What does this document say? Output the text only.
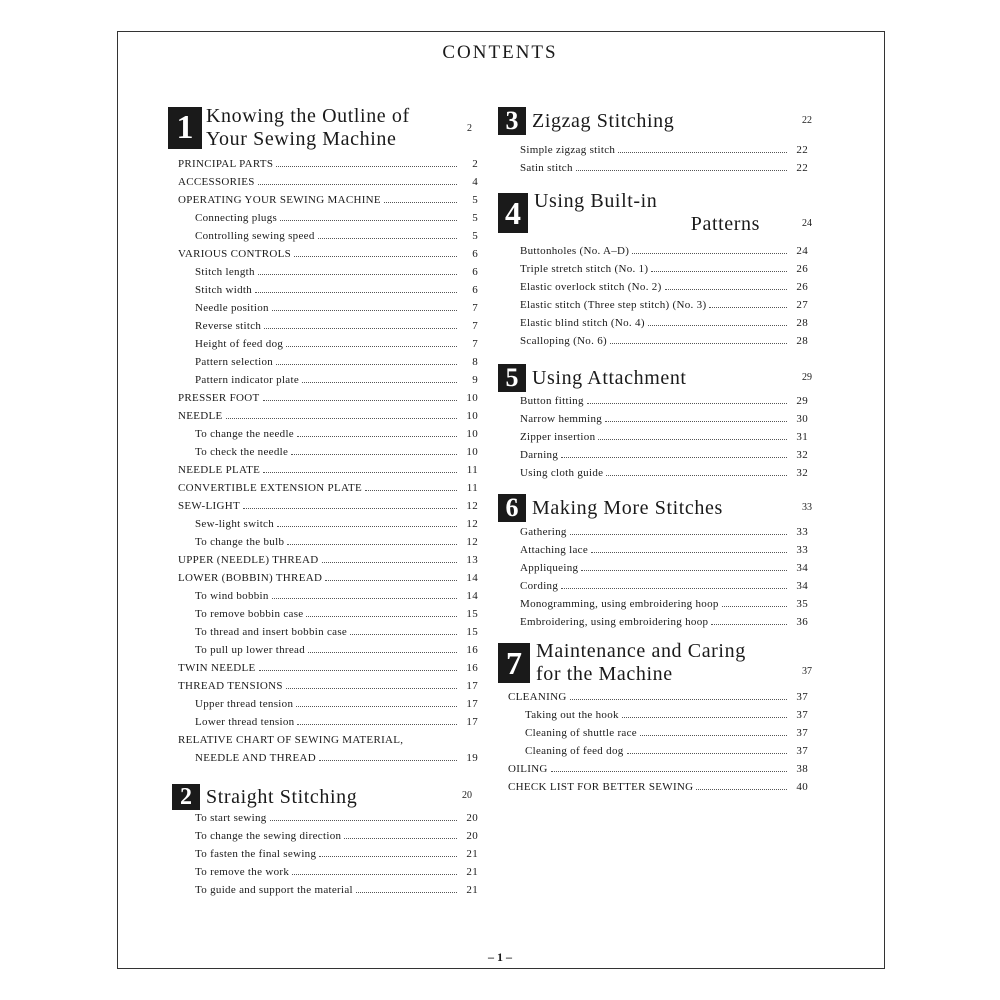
CONTENTS
1 Knowing the Outline of
Your Sewing Machine	2
PRINCIPAL PARTS	2
ACCESSORIES	4
OPERATING YOUR SEWING MACHINE	5
Connecting plugs	5
Controlling sewing speed	5
VARIOUS CONTROLS	6
Stitch length	6
Stitch width	6
Needle position	7
Reverse stitch	7
Height of feed dog	7
Pattern selection	8
Pattern indicator plate	9
PRESSER FOOT	10
NEEDLE	10
To change the needle	10
To check the needle	10
NEEDLE PLATE	11
CONVERTIBLE EXTENSION PLATE	11
SEW-LIGHT	12
Sew-light switch	12
To change the bulb	12
UPPER (NEEDLE) THREAD	13
LOWER (BOBBIN) THREAD	14
To wind bobbin	14
To remove bobbin case	15
To thread and insert bobbin case	15
To pull up lower thread	16
TWIN NEEDLE	16
THREAD TENSIONS	17
Upper thread tension	17
Lower thread tension	17
RELATIVE CHART OF SEWING MATERIAL,
NEEDLE AND THREAD	19
2 Straight Stitching	20
To start sewing	20
To change the sewing direction	20
To fasten the final sewing	21
To remove the work	21
To guide and support the material	21
3 Zigzag Stitching	22
Simple zigzag stitch	22
Satin stitch	22
4 Using Built-in
Patterns	24
Buttonholes (No. A–D)	24
Triple stretch stitch (No. 1)	26
Elastic overlock stitch (No. 2)	26
Elastic stitch (Three step stitch) (No. 3)	27
Elastic blind stitch (No. 4)	28
Scalloping (No. 6)	28
5 Using Attachment	29
Button fitting	29
Narrow hemming	30
Zipper insertion	31
Darning	32
Using cloth guide	32
6 Making More Stitches	33
Gathering	33
Attaching lace	33
Appliqueing	34
Cording	34
Monogramming, using embroidering hoop	35
Embroidering, using embroidering hoop	36
7 Maintenance and Caring
for the Machine	37
CLEANING	37
Taking out the hook	37
Cleaning of shuttle race	37
Cleaning of feed dog	37
OILING	38
CHECK LIST FOR BETTER SEWING	40
– 1 –
